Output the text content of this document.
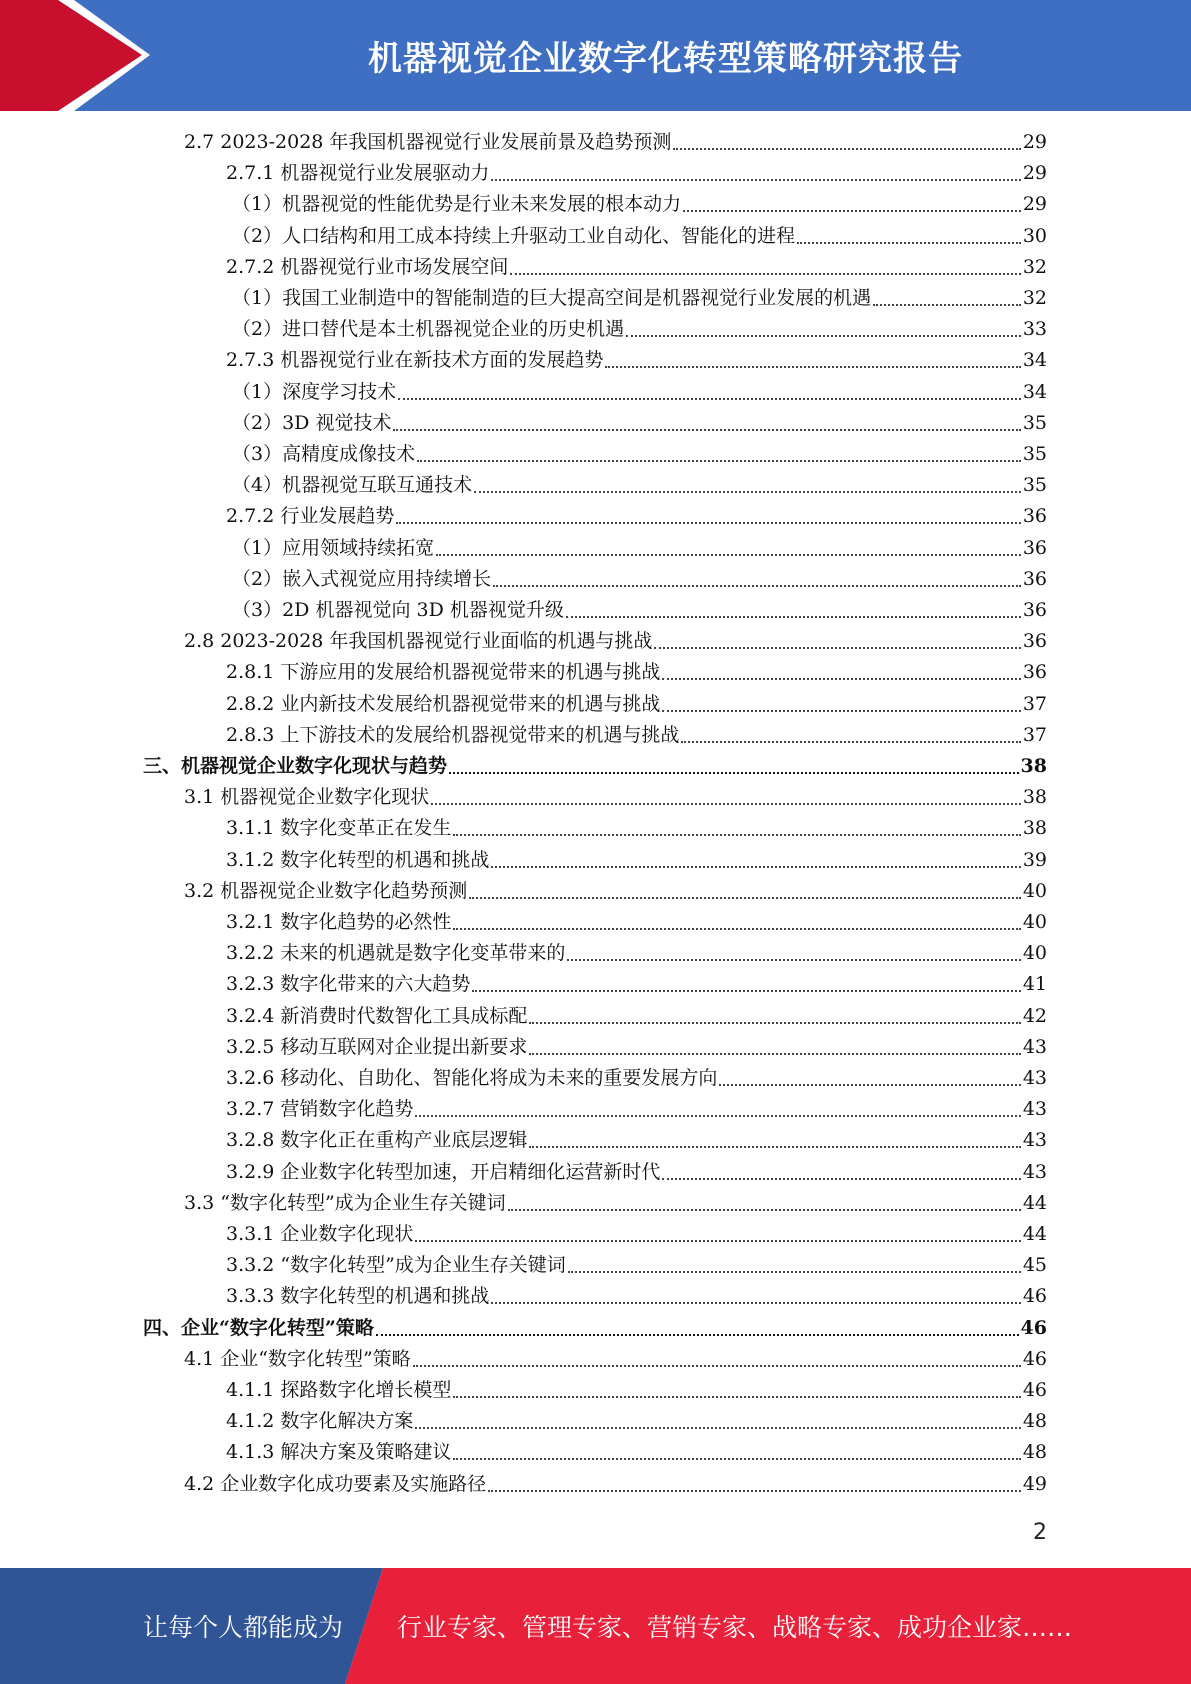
机器视觉企业数字化转型策略研究报告
2.7 2023-2028 年我国机器视觉行业发展前景及趋势预测	29
2.7.1 机器视觉行业发展驱动力	29
（1）机器视觉的性能优势是行业未来发展的根本动力	29
（2）人口结构和用工成本持续上升驱动工业自动化、智能化的进程	30
2.7.2 机器视觉行业市场发展空间	32
（1）我国工业制造中的智能制造的巨大提高空间是机器视觉行业发展的机遇	32
（2）进口替代是本土机器视觉企业的历史机遇	33
2.7.3 机器视觉行业在新技术方面的发展趋势	34
（1）深度学习技术	34
（2）3D 视觉技术	35
（3）高精度成像技术	35
（4）机器视觉互联互通技术	35
2.7.2 行业发展趋势	36
（1）应用领域持续拓宽	36
（2）嵌入式视觉应用持续增长	36
（3）2D 机器视觉向 3D 机器视觉升级	36
2.8 2023-2028 年我国机器视觉行业面临的机遇与挑战	36
2.8.1 下游应用的发展给机器视觉带来的机遇与挑战	36
2.8.2 业内新技术发展给机器视觉带来的机遇与挑战	37
2.8.3 上下游技术的发展给机器视觉带来的机遇与挑战	37
三、机器视觉企业数字化现状与趋势	38
3.1 机器视觉企业数字化现状	38
3.1.1 数字化变革正在发生	38
3.1.2 数字化转型的机遇和挑战	39
3.2 机器视觉企业数字化趋势预测	40
3.2.1 数字化趋势的必然性	40
3.2.2 未来的机遇就是数字化变革带来的	40
3.2.3 数字化带来的六大趋势	41
3.2.4 新消费时代数智化工具成标配	42
3.2.5 移动互联网对企业提出新要求	43
3.2.6 移动化、自助化、智能化将成为未来的重要发展方向	43
3.2.7 营销数字化趋势	43
3.2.8 数字化正在重构产业底层逻辑	43
3.2.9 企业数字化转型加速，开启精细化运营新时代	43
3.3 “数字化转型”成为企业生存关键词	44
3.3.1 企业数字化现状	44
3.3.2 “数字化转型”成为企业生存关键词	45
3.3.3 数字化转型的机遇和挑战	46
四、企业“数字化转型”策略	46
4.1 企业“数字化转型”策略	46
4.1.1 探路数字化增长模型	46
4.1.2 数字化解决方案	48
4.1.3 解决方案及策略建议	48
4.2 企业数字化成功要素及实施路径	49
2
让每个人都能成为 行业专家、管理专家、营销专家、战略专家、成功企业家……
